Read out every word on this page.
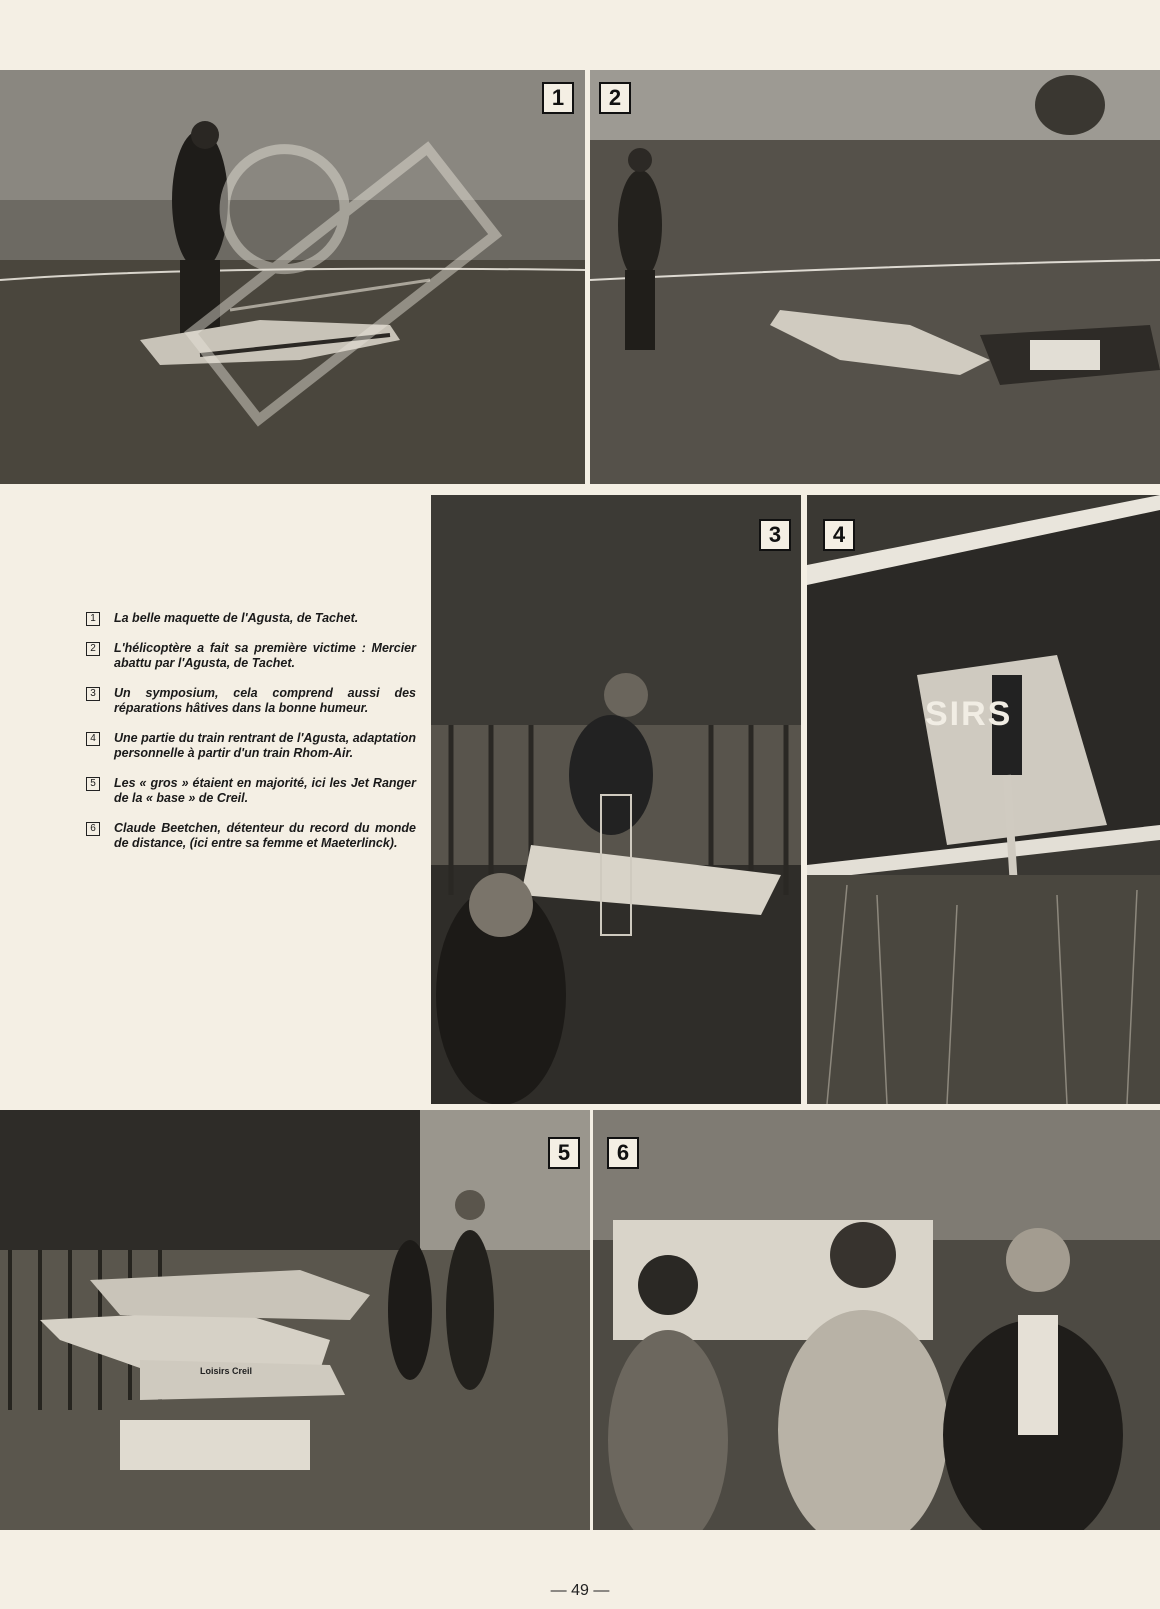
1	2
1	La belle maquette de l'Agusta, de Tachet.
2	L'hélicoptère a fait sa première victime : Mercier abattu par l'Agusta, de Tachet.
3	Un symposium, cela comprend aussi des réparations hâtives dans la bonne humeur.
4	Une partie du train rentrant de l'Agusta, adaptation personnelle à partir d'un train Rhom-Air.
5	Les « gros » étaient en majorité, ici les Jet Ranger de la « base » de Creil.
6	Claude Beetchen, détenteur du record du monde de distance, (ici entre sa femme et Maeterlinck).
3
SIRS
4
Loisirs Creil
5	6
— 49 —
